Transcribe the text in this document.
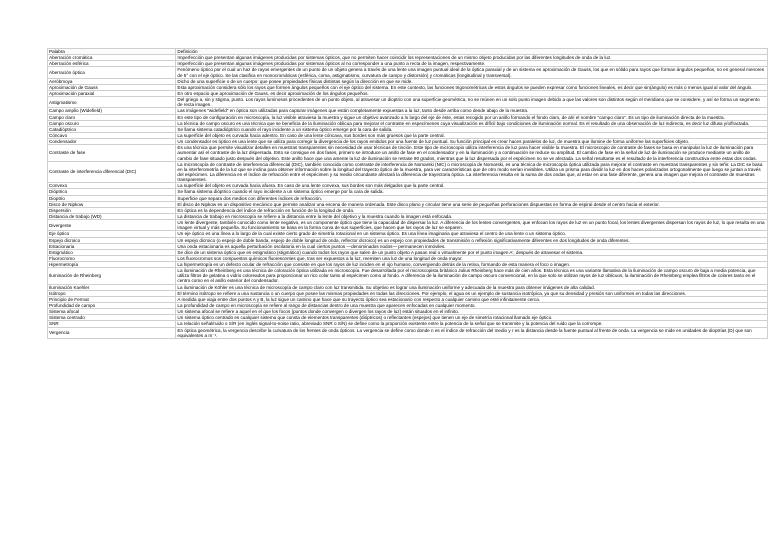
Palabra	Definición
Aberración cromática	Imperfección que presentan algunas imágenes producidas por sistemas ópticos, que no permiten hacer coincidir los representaciones de un mismo objeto producidas por las diferentes longitudes de onda de la luz.
Aberración esférica	Imperfección que presentan algunas imágenes producidas por sistemas ópticos al no corresponder a una punto a recta de la imagen, respectivamente.
Aberración óptica	Fenómeno óptico por el cual un haz de rayos emergentes de un punto de un objeto genera a través de una lente una imagen puntual ideal de la óptica paraxial y de un sistema en aproximación de Gauss, los que en sólido para rayos que forman ángulos pequeños, no en general menores de 5° con el eje óptico. Se las clasifica en monocromáticas (esférica, coma, astigmatismo, curvatura de campo y distorsión) y cromáticas (longitudinal y transversal).
Aeróbmoya	Dicho de una superficie o de un cuerpo: que posee propiedades físicas distintas según la dirección en que se mide.
Aproximación de Gauss	Esta aproximación considera sólo los rayos que formen ángulos pequeños con el eje óptico del sistema. En este contexto, las funciones trigonométricas de estos ángulos se pueden expresar como funciones lineales, es decir que sin(ángulo) es más o menos igual al valor del ángulo.
Aproximación paraxial	En otro espacio que aproximación de Gauss, es decir aproximación de los ángulos pequeños.
Astigmatismo	Del griego a, sin y stigma, punto. Los rayos luminosos procedentes de un punto objeto, al atravesar un dioptrio con una superficie geométrica, no se reúnen en un solo punto imagen debido a que las valores son distintos según el meridiano que se considere, y así se forma un segmento de recta imagen.
Campo amplio (Widefield)	Las imágenes "widefield" en óptica son utilizadas para capturar imágenes que están completamente expuestas a la luz, tanto desde arriba como desde abajo de la muestra.
Campo claro	En este tipo de configuración en microscopía, la luz visible atraviesa la muestra y sigue un objetivo avanzado a lo largo del eje de éste, estas recogido por un anillo formando el fondo claro, de ahí el nombre "campo claro". Es un tipo de iluminación directa de la muestra.
Campo oscuro	La técnica de campo oscuro es una técnica que se beneficia de la iluminación oblicua para mejorar el contraste en especímenes cuya visualización es difícil bajo condiciones de iluminación normal. Es el resultado de una observación de luz indirecta, es decir luz difusa y/o/fractada.
Catadióptrico	Se llama sistema catadióptrico cuando el rayo incidente a un sistema óptico emerge por la cara de salida.
Cóncavo	La superficie del objeto es curvada hacia adentro. En caso de una lente cóncava, sus bordes son más gruesos que la parte central.
Condensador	Un condensador es óptico es una lente que se utiliza para corregir la divergencia de los rayos emitidos por una fuente de luz puntual. Su función principal es crear haces paralelos de luz, de muestra que ilumine de forma uniforme las superficies objeto.
Contraste de fase	Es una técnica que permite visualizar detalles en muestras transparentes sin necesidad de usar técnicas de tinción. Este tipo de microscopio utiliza interferencia de luz para hacer visible la muestra. El microscopio de contraste de fases se basa en manipular la luz de iluminación para aumentar así el contraste de la luz dispersada. Esto se consigue en dos fases, primero se introduce un anillo de fase en el condensador y en la iluminación y a continuación se reduce su amplitud. El cambio de fase en la señal de luz de iluminación se produce mediante un anillo de cambio de fase situado justo después del objetivo. Este anillo hace que una amente la luz de iluminación se retrase 90 grados, mientras que la luz dispersada por el espécimen no se ve afectada. La señal resultante es el resultado de la interferencia constructiva entre estas dos ondas.
Contraste de interferencia diferencial (DIC)	La microscopía de contraste de interferencia diferencial (DIC), también conocida como contraste de interferencia de Nomarski (NIC) o microscopía de Nomarski, es una técnica de microscopía óptica utilizada para mejorar el contraste en muestras transparentes y sin teñir. La DIC se basa en la interferometría de la luz que se inclina para obtener información sobre la longitud del trayecto óptico de la muestra, para ver características que de otro modo serían invisibles. Utiliza un prisma para dividir la luz en dos haces polarizados ortogonalmente que luego se juntan a través del espécimen. La diferencia en el índice de refracción entre el espécimen y su medio circundante afectará la diferencia de trayectoria óptica. La interferencia resulta en la suma de dos ondas que, al estar en una fase diferente, genera una imagen que mejora el contraste de muestras transparentes.
Convexo	La superficie del objeto es curvada hacia afuera. En caso de una lente convexa, sus bordes son más delgados que la parte central.
Dióptrico	Se llama sistema dióptrico cuando el rayo incidente a un sistema óptico emerge por la cara de salida.
Dioptrio	Superficie que separa dos medios con diferentes índices de refracción.
Disco de Nipkow	El disco de Nipkow es un dispositivo mecánico que permite analizar una escena de manera ordenada. Este disco plano y circular tiene una serie de pequeñas perforaciones dispuestas en forma de espiral desde el centro hacia el exterior.
Dispersión	En óptica es la dependencia del índice de refracción en función de la longitud de onda.
Distancia de trabajo (WD)	La distancia de trabajo en microscopía se refiere a la distancia entre la lente del objetivo y la muestra cuando la imagen está enfocada.
Divergente	Un lente divergente, también conocido como lente negativo, es un componente óptico que tiene la capacidad de dispersar la luz. A diferencia de los lentes convergentes, que enfocan los rayos de luz en un punto focal, los lentes divergentes dispersan los rayos de luz, lo que resulta en una imagen virtual y más pequeña. Su funcionamiento se basa en la forma curva de sus superficies, que hacen que los rayos de luz se separen.
Eje óptico	Un eje óptico es una línea a lo largo de la cual existe cierto grado de simetría rotacional en un sistema óptico. Es una línea imaginaria que atraviesa el centro de una lente o un sistema óptico.
Espejo dicroico	Un espejo dicroico (o espejo de doble banda, espejo de doble longitud de onda, reflector dicroico) es un espejo con propiedades de transmisión o reflexión significativamente diferentes en dos longitudes de onda diferentes.
Estacionaria	Una onda estacionaria es aquella perturbación oscilatoria en la cual ciertos puntos —denominados nodos— permanecen inmóviles.
Estigmático	Se dice de un sistema óptico que es estigmático (stigmático) cuando todos los rayos que salen de un punto objeto A pasan real o virtualmente por el punto imagen A', después de atravesar el sistema.
Fluorocromo	Los fluorocromos son compuestos químicos fluorescentes que, tras ser expuestos a la luz, reemiten una luz de una longitud de onda mayor.
Hipermetropía	La hipermetropía es un defecto ocular de refracción que consiste en que los rayos de luz inciden en el ojo humano, convergiendo detrás de la retina, formando de esta manera el foco o imagen.
Iluminación de Rheinberg	La iluminación de Rheinberg es una técnica de coloración óptica utilizada en microscopía. Fue desarrollada por el microscopista británico Julius Rheinberg hace más de cien años. Esta técnica es una variante llamativa de la iluminación de campo oscuro de baja a media potencia, que utiliza filtros de gelatina o vidrio coloreados para proporcionar un rico color tanto al espécimen como al fondo. A diferencia de la iluminación de campo oscuro convencional, en la que solo se utilizan rayos de luz oblicuos, la iluminación de Rheinberg emplea filtros de colores tanto en el centro como en el anillo exterior del condensador.
Iluminación Koehler	La iluminación de Köhler es una técnica de microscopía de campo claro con luz transmitida. Su objetivo es lograr una iluminación uniforme y adecuada de la muestra para obtener imágenes de alta calidad.
Isótropo	El término isótropo se refiere a una sustancia o un cuerpo que posee las mismas propiedades en todas las direcciones. Por ejemplo, el agua es un ejemplo de sustancia isotrópica, ya que su densidad y presión son uniformes en todas las direcciones.
Principio de Fermat	A medida que viaja entre dos puntos A y B, la luz sigue un camino que hace que su trayecto óptico sea estacionario con respecto a cualquier camino que esté infinitamente cerca.
Profundidad de campo	La profundidad de campo en microscopía se refiere al rango de distancias dentro de una muestra que aparecen enfocadas en cualquier momento.
Sistema afocal	Un sistema afocal se refiere a aquel en el que los focos (puntos donde convergen o divergen los rayos de luz) están situados en el infinito.
Sistema centrado	Un sistema óptico centrado es cualquier sistema que consta de elementos transparentes (dióptricos) o reflectantes (espejos) que tienen un eje de simetría rotacional llamado eje óptico.
SNR	La relación señal/ruido o S/R (en inglés signal-to-noise ratio, abreviado SNR o S/N) se define como la proporción existente entre la potencia de la señal que se transmite y la potencia del ruido que la corrompe.
Vergencia	En óptica geométrica, la vergencia describe la curvatura de los frentes de onda ópticos. La vergencia se define como donde n es el índice de refracción del medio y r es la distancia desde la fuente puntual al frente de onda. La vergencia se mide en unidades de dioptrías (D) que son equivalentes a m⁻¹.
